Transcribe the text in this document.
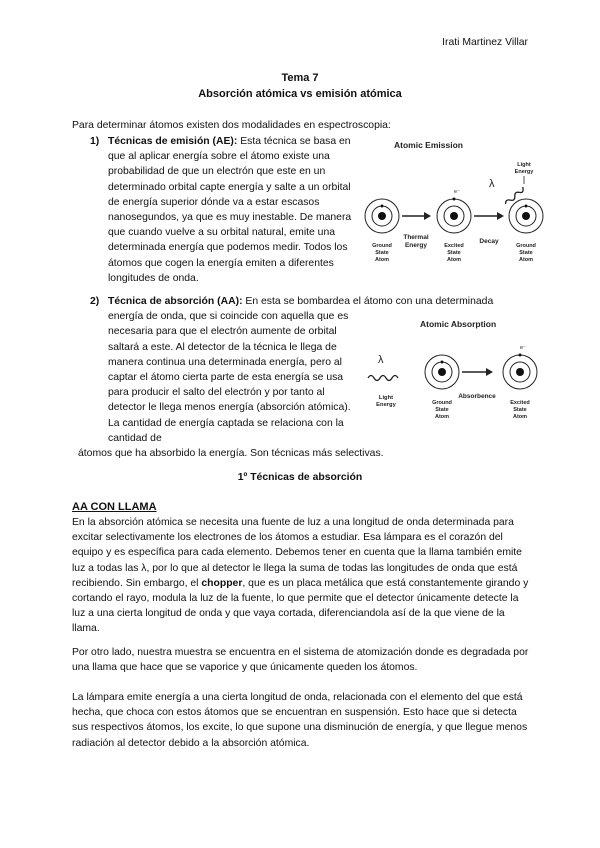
Irati Martinez Villar
Tema 7
Absorción atómica vs emisión atómica
Para determinar átomos existen dos modalidades en espectroscopia:
1) Técnicas de emisión (AE): Esta técnica se basa en que al aplicar energía sobre el átomo existe una probabilidad de que un electrón que este en un determinado orbital capte energía y salte a un orbital de energía superior dónde va a estar escasos nanosegundos, ya que es muy inestable. De manera que cuando vuelve a su orbital natural, emite una determinada energía que podemos medir. Todos los átomos que cogen la energía emiten a diferentes longitudes de onda.
Atomic Emission
e⁻
λ
Light
Energy
Ground
State
Atom
Thermal
Energy	Excited
State
Atom
Decay
Ground
State
Atom
2) Técnica de absorción (AA): En esta se bombardea el átomo con una determinada
energía de onda, que si coincide con aquella que es necesaria para que el electrón aumente de orbital saltará a este. Al detector de la técnica le llega de manera continua una determinada energía, pero al captar el átomo cierta parte de esta energía se usa para producir el salto del electrón y por tanto al detector le llega menos energía (absorción atómica). La cantidad de energía captada se relaciona con la cantidad de
átomos que ha absorbido la energía. Son técnicas más selectivas.
Atomic Absorption
λ
Light
Energy
e⁻
Ground
State
Atom
Absorbence
Excited
State
Atom
1º Técnicas de absorción
AA CON LLAMA
En la absorción atómica se necesita una fuente de luz a una longitud de onda determinada para excitar selectivamente los electrones de los átomos a estudiar. Esa lámpara es el corazón del equipo y es específica para cada elemento. Debemos tener en cuenta que la llama también emite luz a todas las λ, por lo que al detector le llega la suma de todas las longitudes de onda que está recibiendo. Sin embargo, el chopper, que es un placa metálica que está constantemente girando y cortando el rayo, modula la luz de la fuente, lo que permite que el detector únicamente detecte la luz a una cierta longitud de onda y que vaya cortada, diferenciandola así de la que viene de la llama.
Por otro lado, nuestra muestra se encuentra en el sistema de atomización donde es degradada por una llama que hace que se vaporice y que únicamente queden los átomos.
La lámpara emite energía a una cierta longitud de onda, relacionada con el elemento del que está hecha, que choca con estos átomos que se encuentran en suspensión. Esto hace que si detecta sus respectivos átomos, los excite, lo que supone una disminución de energía, y que llegue menos radiación al detector debido a la absorción atómica.
